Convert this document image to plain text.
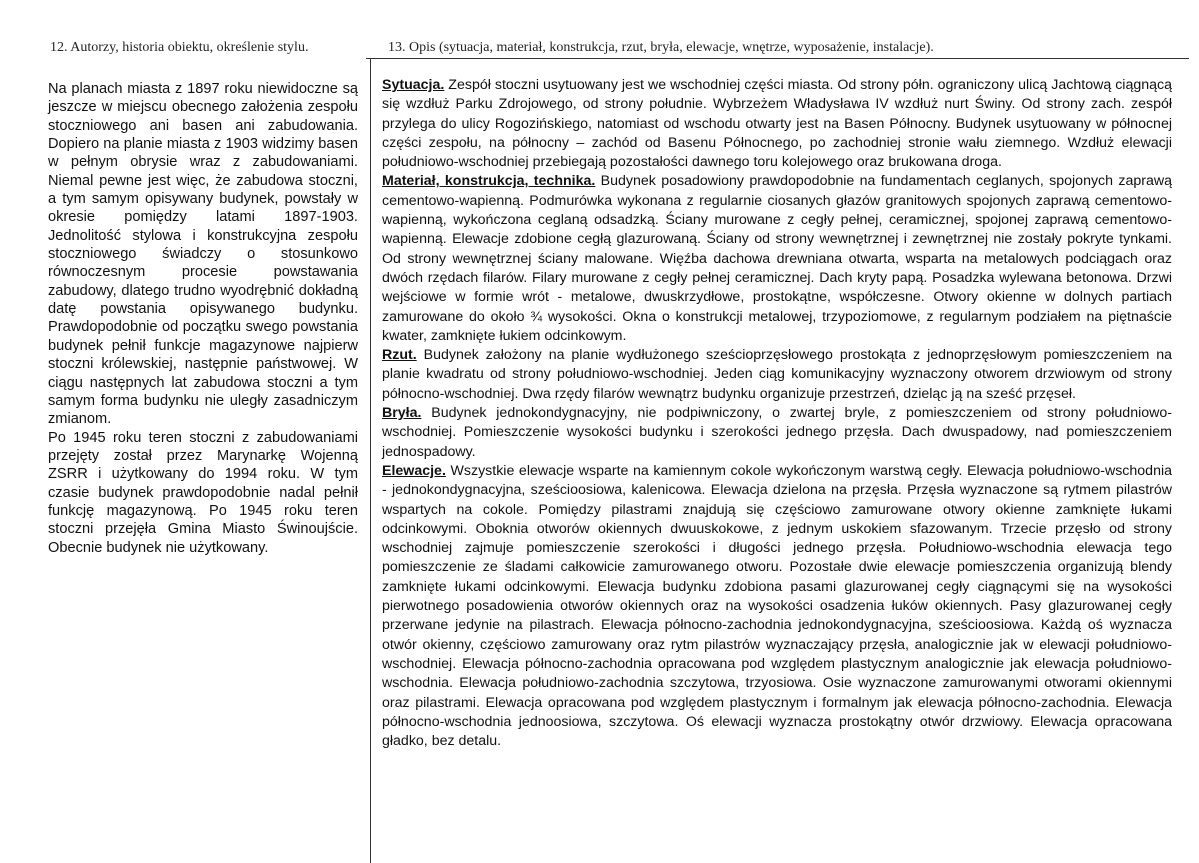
12. Autorzy, historia obiektu, określenie stylu.	13. Opis (sytuacja, materiał, konstrukcja, rzut, bryła, elewacje, wnętrze, wyposażenie, instalacje).
Na planach miasta z 1897 roku niewidoczne są jeszcze w miejscu obecnego założenia zespołu stoczniowego ani basen ani zabudowania. Dopiero na planie miasta z 1903 widzimy basen w pełnym obrysie wraz z zabudowaniami. Niemal pewne jest więc, że zabudowa stoczni, a tym samym opisywany budynek, powstały w okresie pomiędzy latami 1897-1903. Jednolitość stylowa i konstrukcyjna zespołu stoczniowego świadczy o stosunkowo równoczesnym procesie powstawania zabudowy, dlatego trudno wyodrębnić dokładną datę powstania opisywanego budynku. Prawdopodobnie od początku swego powstania budynek pełnił funkcje magazynowe najpierw stoczni królewskiej, następnie państwowej. W ciągu następnych lat zabudowa stoczni a tym samym forma budynku nie uległy zasadniczym zmianom.
Po 1945 roku teren stoczni z zabudowaniami przejęty został przez Marynarkę Wojenną ZSRR i użytkowany do 1994 roku. W tym czasie budynek prawdopodobnie nadal pełnił funkcję magazynową. Po 1945 roku teren stoczni przejęła Gmina Miasto Świnoujście. Obecnie budynek nie użytkowany.
Sytuacja. Zespół stoczni usytuowany jest we wschodniej części miasta. Od strony półn. ograniczony ulicą Jachtową ciągnącą się wzdłuż Parku Zdrojowego, od strony południe. Wybrzeżem Władysława IV wzdłuż nurt Świny. Od strony zach. zespół przylega do ulicy Rogozińskiego, natomiast od wschodu otwarty jest na Basen Północny. Budynek usytuowany w północnej części zespołu, na północny – zachód od Basenu Północnego, po zachodniej stronie wału ziemnego. Wzdłuż elewacji południowo-wschodniej przebiegają pozostałości dawnego toru kolejowego oraz brukowana droga.
Materiał, konstrukcja, technika. Budynek posadowiony prawdopodobnie na fundamentach ceglanych, spojonych zaprawą cementowo-wapienną. Podmurówka wykonana z regularnie ciosanych głazów granitowych spojonych zaprawą cementowo-wapienną, wykończona ceglaną odsadzką. Ściany murowane z cegły pełnej, ceramicznej, spojonej zaprawą cementowo-wapienną. Elewacje zdobione cegłą glazurowaną. Ściany od strony wewnętrznej i zewnętrznej nie zostały pokryte tynkami. Od strony wewnętrznej ściany malowane. Więźba dachowa drewniana otwarta, wsparta na metalowych podciągach oraz dwóch rzędach filarów. Filary murowane z cegły pełnej ceramicznej. Dach kryty papą. Posadzka wylewana betonowa. Drzwi wejściowe w formie wrót - metalowe, dwuskrzydłowe, prostokątne, współczesne. Otwory okienne w dolnych partiach zamurowane do około ¾ wysokości. Okna o konstrukcji metalowej, trzypoziomowe, z regularnym podziałem na piętnaście kwater, zamknięte łukiem odcinkowym.
Rzut. Budynek założony na planie wydłużonego sześcioprzęsłowego prostokąta z jednoprzęsłowym pomieszczeniem na planie kwadratu od strony południowo-wschodniej. Jeden ciąg komunikacyjny wyznaczony otworem drzwiowym od strony północno-wschodniej. Dwa rzędy filarów wewnątrz budynku organizuje przestrzeń, dzieląc ją na sześć przęseł.
Bryła. Budynek jednokondygnacyjny, nie podpiwniczony, o zwartej bryle, z pomieszczeniem od strony południowo-wschodniej. Pomieszczenie wysokości budynku i szerokości jednego przęsła. Dach dwuspadowy, nad pomieszczeniem jednospadowy.
Elewacje. Wszystkie elewacje wsparte na kamiennym cokole wykończonym warstwą cegły. Elewacja południowo-wschodnia - jednokondygnacyjna, sześcioosiowa, kalenicowa. Elewacja dzielona na przęsła. Przęsła wyznaczone są rytmem pilastrów wspartych na cokole. Pomiędzy pilastrami znajdują się częściowo zamurowane otwory okienne zamknięte łukami odcinkowymi. Oboknia otworów okiennych dwuuskokowe, z jednym uskokiem sfazowanym. Trzecie przęsło od strony wschodniej zajmuje pomieszczenie szerokości i długości jednego przęsła. Południowo-wschodnia elewacja tego pomieszczenie ze śladami całkowicie zamurowanego otworu. Pozostałe dwie elewacje pomieszczenia organizują blendy zamknięte łukami odcinkowymi. Elewacja budynku zdobiona pasami glazurowanej cegły ciągnącymi się na wysokości pierwotnego posadowienia otworów okiennych oraz na wysokości osadzenia łuków okiennych. Pasy glazurowanej cegły przerwane jedynie na pilastrach. Elewacja północno-zachodnia jednokondygnacyjna, sześcioosiowa. Każdą oś wyznacza otwór okienny, częściowo zamurowany oraz rytm pilastrów wyznaczający przęsła, analogicznie jak w elewacji południowo-wschodniej. Elewacja północno-zachodnia opracowana pod względem plastycznym analogicznie jak elewacja południowo-wschodnia. Elewacja południowo-zachodnia szczytowa, trzyosiowa. Osie wyznaczone zamurowanymi otworami okiennymi oraz pilastrami. Elewacja opracowana pod względem plastycznym i formalnym jak elewacja północno-zachodnia. Elewacja północno-wschodnia jednoosiowa, szczytowa. Oś elewacji wyznacza prostokątny otwór drzwiowy. Elewacja opracowana gładko, bez detalu.
